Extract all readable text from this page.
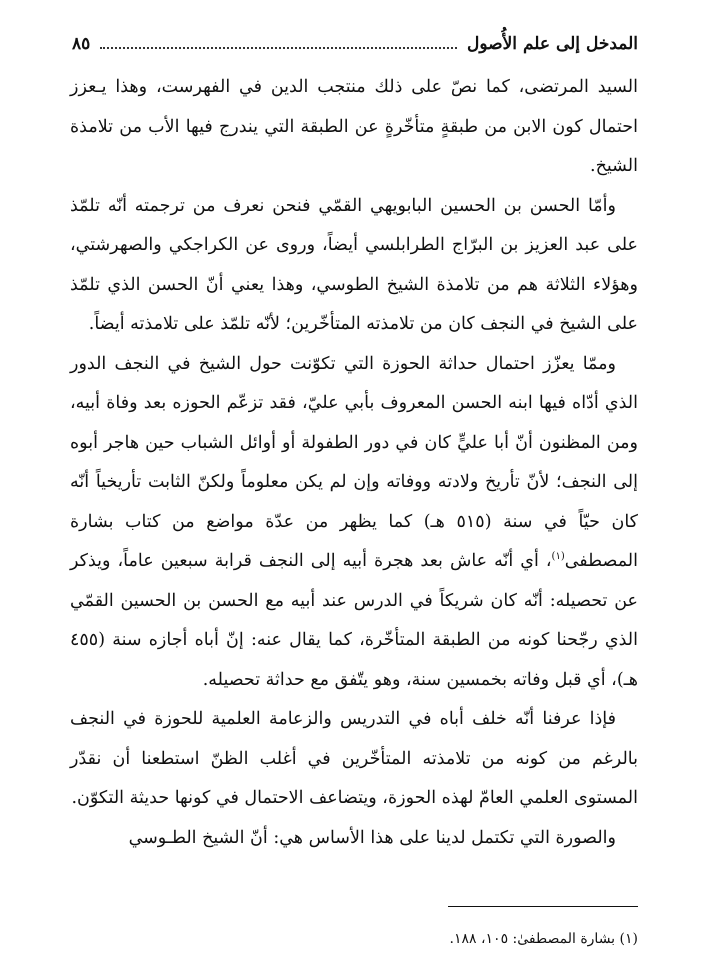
المدخل إلى علم الأُصول
٨٥

السيد المرتضى، كما نصّ على ذلك منتجب الدين في الفهرست، وهذا يـعزز احتمال كون الابن من طبقةٍ متأخّرةٍ عن الطبقة التي يندرج فيها الأب من تلامذة الشيخ.

وأمّا الحسن بن الحسين البابويهي القمّي فنحن نعرف من ترجمته أنّه تلمّذ على عبد العزيز بن البرّاج الطرابلسي أيضاً، وروى عن الكراجكي والصهرشتي، وهؤلاء الثلاثة هم من تلامذة الشيخ الطوسي، وهذا يعني أنّ الحسن الذي تلمّذ على الشيخ في النجف كان من تلامذته المتأخّرين؛ لأنّه تلمّذ على تلامذته أيضاً.

وممّا يعزّز احتمال حداثة الحوزة التي تكوّنت حول الشيخ في النجف الدور الذي أدّاه فيها ابنه الحسن المعروف بأبي عليّ، فقد تزعّم الحوزه بعد وفاة أبيه، ومن المظنون أنّ أبا عليٍّ كان في دور الطفولة أو أوائل الشباب حين هاجر أبوه إلى النجف؛ لأنّ تأريخ ولادته ووفاته وإن لم يكن معلوماً ولكنّ الثابت تأريخياً أنّه كان حيّاً في سنة (٥١٥ هـ) كما يظهر من عدّة مواضع من كتاب بشارة المصطفى$^{(١)}$، أي أنّه عاش بعد هجرة أبيه إلى النجف قرابة سبعين عاماً، ويذكر عن تحصيله: أنّه كان شريكاً في الدرس عند أبيه مع الحسن بن الحسين القمّي الذي رجّحنا كونه من الطبقة المتأخّرة، كما يقال عنه: إنّ أباه أجازه سنة (٤٥٥ هـ)، أي قبل وفاته بخمسين سنة، وهو يتّفق مع حداثة تحصيله.

فإذا عرفنا أنّه خلف أباه في التدريس والزعامة العلمية للحوزة في النجف بالرغم من كونه من تلامذته المتأخّرين في أغلب الظنّ استطعنا أن نقدّر المستوى العلمي العامّ لهذه الحوزة، ويتضاعف الاحتمال في كونها حديثة التكوّن.

والصورة التي تكتمل لدينا على هذا الأساس هي: أنّ الشيخ الطـوسي

(١) بشارة المصطفىٰ: ١٠٥، ١٨٨.
